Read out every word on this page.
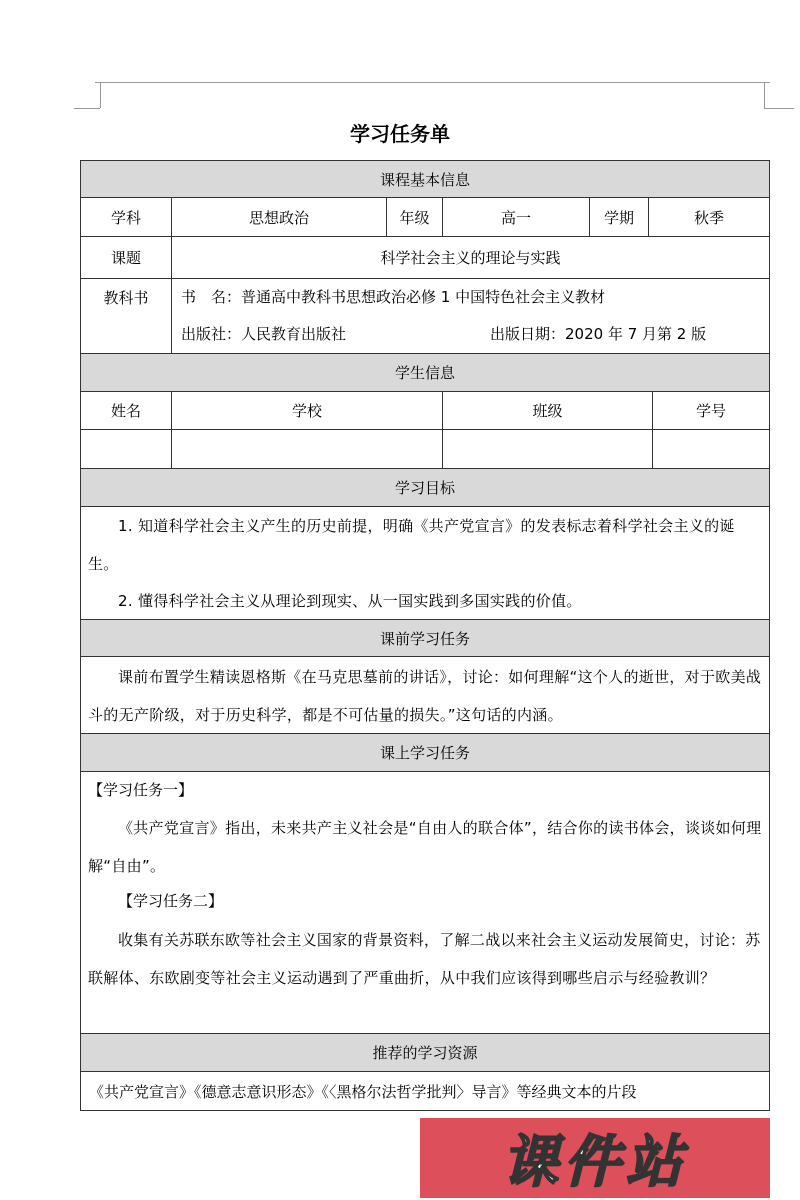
学习任务单
课程基本信息
学科	思想政治	年级	高一	学期	秋季
课题	科学社会主义的理论与实践
教科书	书　名：普通高中教科书思想政治必修 1 中国特色社会主义教材
出版社：人民教育出版社	出版日期：2020 年 7 月第 2 版
学生信息
姓名	学校	班级	学号
学习目标
1. 知道科学社会主义产生的历史前提，明确《共产党宣言》的发表标志着科学社会主义的诞生。
2. 懂得科学社会主义从理论到现实、从一国实践到多国实践的价值。
课前学习任务
课前布置学生精读恩格斯《在马克思墓前的讲话》，讨论：如何理解“这个人的逝世，对于欧美战斗的无产阶级，对于历史科学，都是不可估量的损失。”这句话的内涵。
课上学习任务
【学习任务一】
《共产党宣言》指出，未来共产主义社会是“自由人的联合体”，结合你的读书体会，谈谈如何理解“自由”。
【学习任务二】
收集有关苏联东欧等社会主义国家的背景资料，了解二战以来社会主义运动发展简史，讨论：苏联解体、东欧剧变等社会主义运动遇到了严重曲折，从中我们应该得到哪些启示与经验教训？
推荐的学习资源
《共产党宣言》《德意志意识形态》《〈黑格尔法哲学批判〉导言》等经典文本的片段
课件站
